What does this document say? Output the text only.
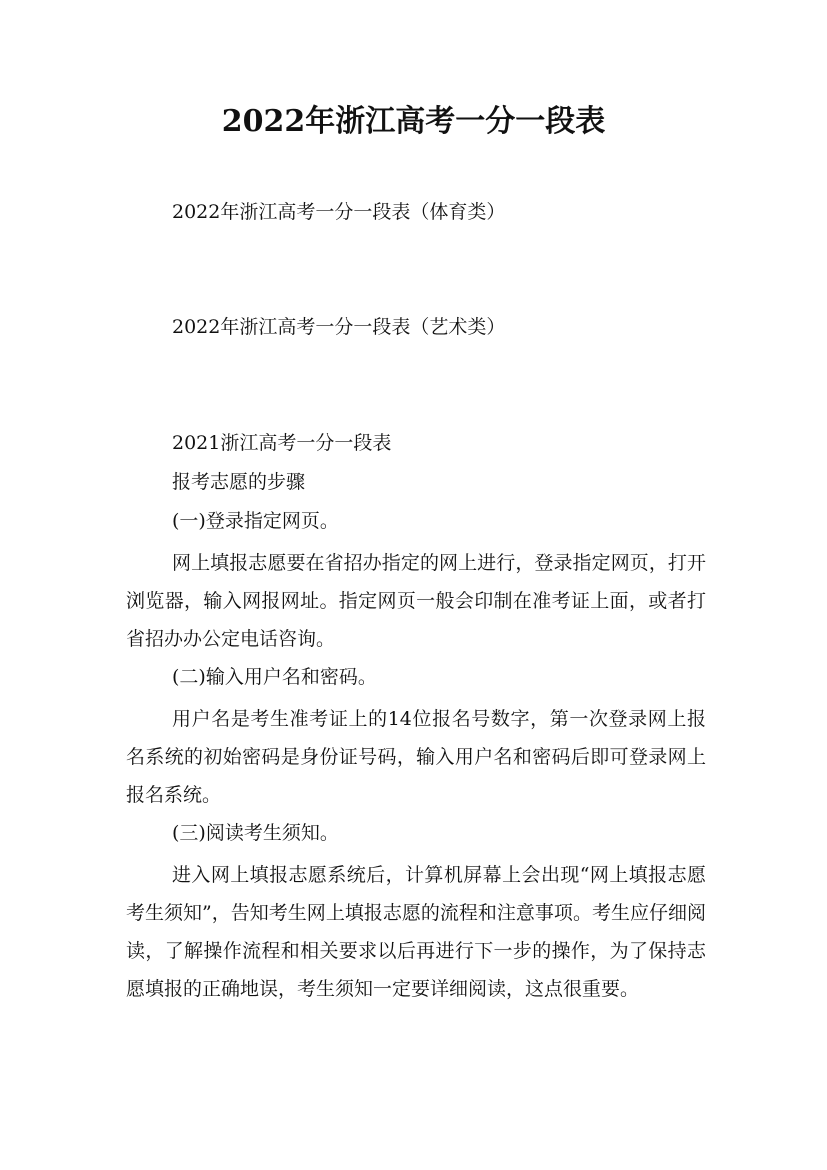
2022年浙江高考一分一段表

2022年浙江高考一分一段表（体育类）

2022年浙江高考一分一段表（艺术类）

2021浙江高考一分一段表

报考志愿的步骤

(一)登录指定网页。

网上填报志愿要在省招办指定的网上进行，登录指定网页，打开浏览器，输入网报网址。指定网页一般会印制在准考证上面，或者打省招办办公定电话咨询。

(二)输入用户名和密码。

用户名是考生准考证上的14位报名号数字，第一次登录网上报名系统的初始密码是身份证号码，输入用户名和密码后即可登录网上报名系统。

(三)阅读考生须知。

进入网上填报志愿系统后，计算机屏幕上会出现“网上填报志愿考生须知”，告知考生网上填报志愿的流程和注意事项。考生应仔细阅读，了解操作流程和相关要求以后再进行下一步的操作，为了保持志愿填报的正确地误，考生须知一定要详细阅读，这点很重要。
